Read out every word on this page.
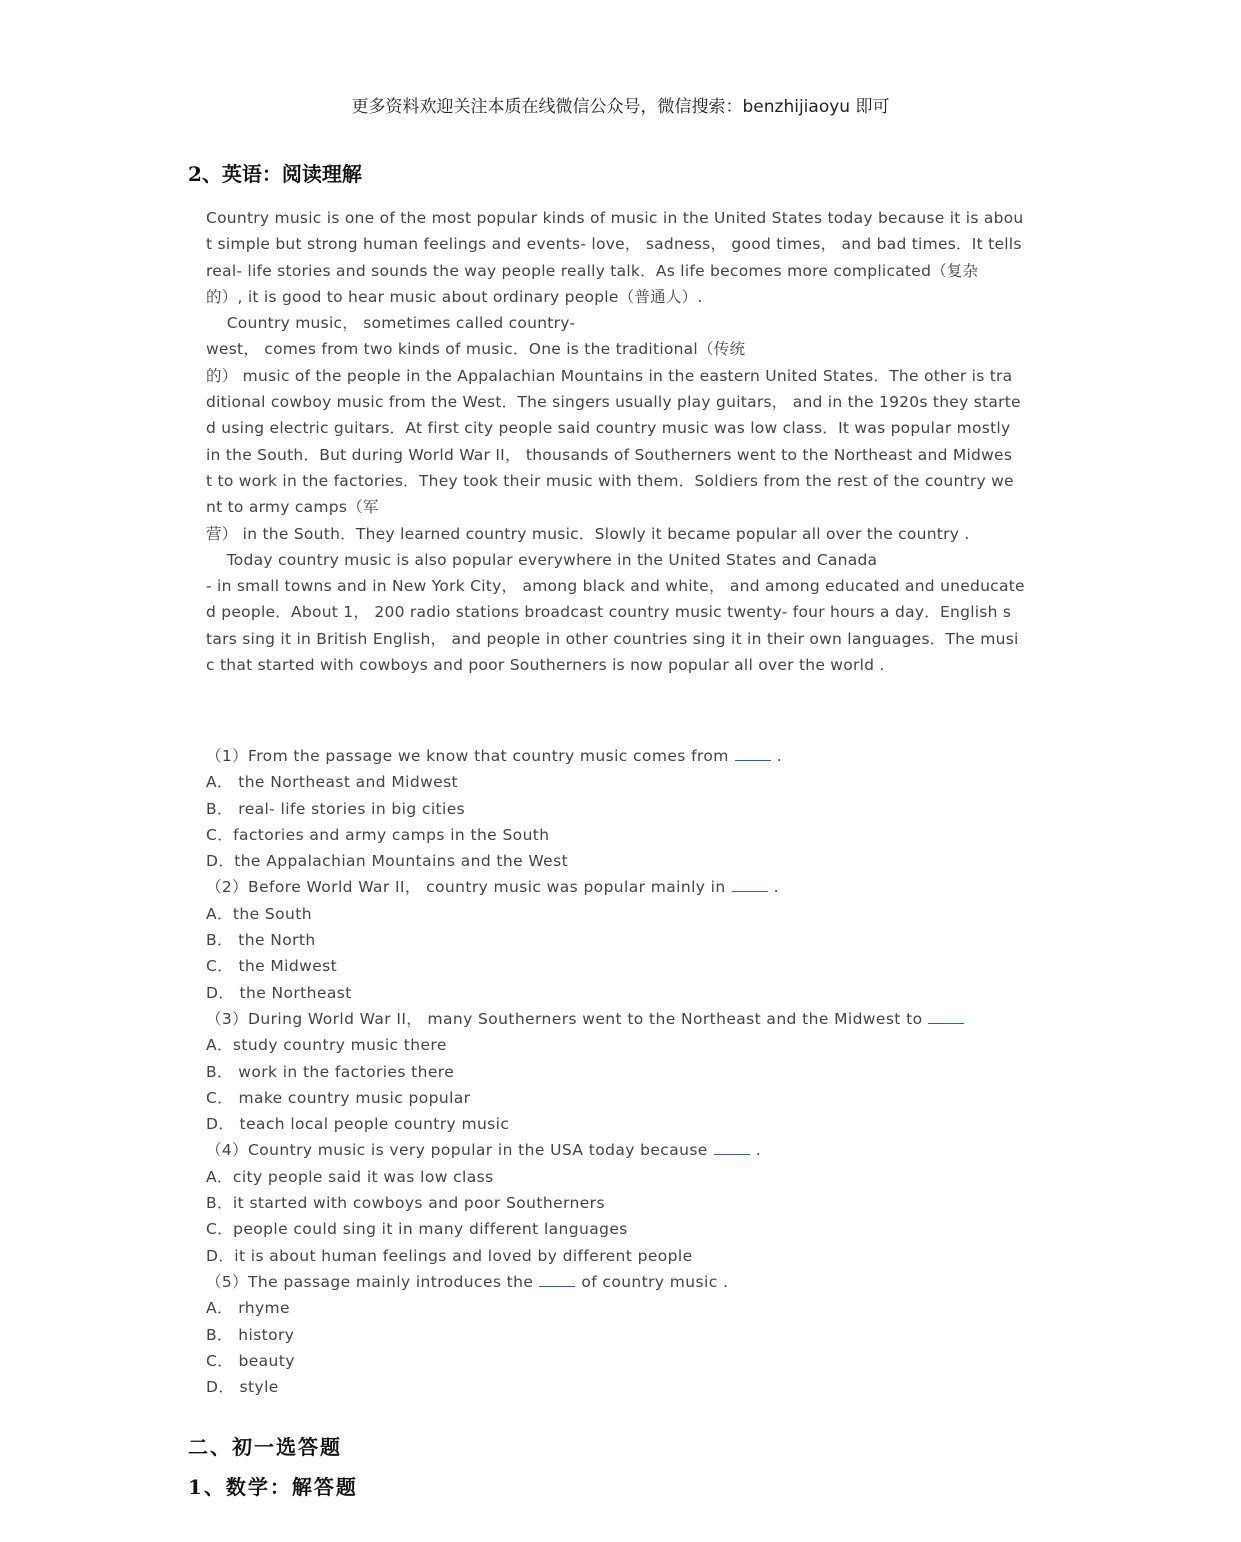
更多资料欢迎关注本质在线微信公众号，微信搜索：benzhijiaoyu 即可
2、英语：阅读理解
Country music is one of the most popular kinds of music in the United States today because it is abou
t simple but strong human feelings and events- love， sadness， good times， and bad times．It tells
real- life stories and sounds the way people really talk．As life becomes more complicated（复杂
的）, it is good to hear music about ordinary people（普通人）.
Country music， sometimes called country-
west， comes from two kinds of music．One is the traditional（传统
的） music of the people in the Appalachian Mountains in the eastern United States．The other is tra
ditional cowboy music from the West．The singers usually play guitars， and in the 1920s they starte
d using electric guitars．At first city people said country music was low class．It was popular mostly
in the South．But during World War II， thousands of Southerners went to the Northeast and Midwes
t to work in the factories．They took their music with them．Soldiers from the rest of the country we
nt to army camps（军
营） in the South．They learned country music．Slowly it became popular all over the country .
Today country music is also popular everywhere in the United States and Canada
- in small towns and in New York City， among black and white， and among educated and uneducate
d people．About 1， 200 radio stations broadcast country music twenty- four hours a day．English s
tars sing it in British English， and people in other countries sing it in their own languages．The musi
c that started with cowboys and poor Southerners is now popular all over the world .
（1）From the passage we know that country music comes from	.
A． the Northeast and Midwest
B． real- life stories in big cities
C．factories and army camps in the South
D．the Appalachian Mountains and the West
（2）Before World War II， country music was popular mainly in	.
A．the South
B． the North
C． the Midwest
D． the Northeast
（3）During World War II， many Southerners went to the Northeast and the Midwest to
A．study country music there
B． work in the factories there
C． make country music popular
D． teach local people country music
（4）Country music is very popular in the USA today because	.
A．city people said it was low class
B．it started with cowboys and poor Southerners
C．people could sing it in many different languages
D．it is about human feelings and loved by different people
（5）The passage mainly introduces the	of country music .
A． rhyme
B． history
C． beauty
D． style
二、初一选答题
1、数学：解答题
